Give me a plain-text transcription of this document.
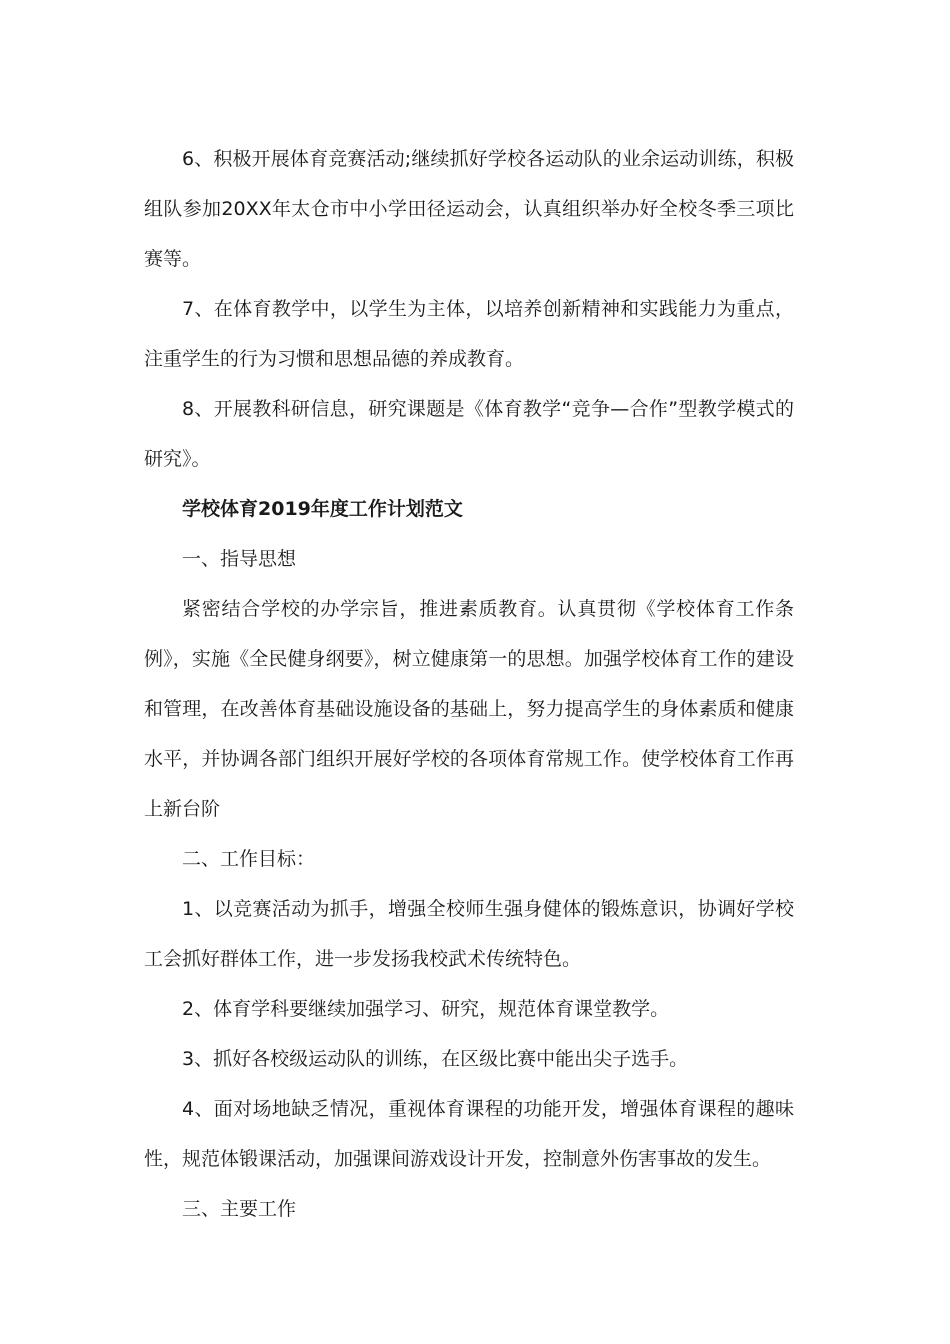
6、积极开展体育竞赛活动;继续抓好学校各运动队的业余运动训练，积极组队参加20XX年太仓市中小学田径运动会，认真组织举办好全校冬季三项比赛等。

7、在体育教学中，以学生为主体，以培养创新精神和实践能力为重点，注重学生的行为习惯和思想品德的养成教育。

8、开展教科研信息，研究课题是《体育教学“竞争—合作”型教学模式的研究》。

学校体育2019年度工作计划范文

一、指导思想

紧密结合学校的办学宗旨，推进素质教育。认真贯彻《学校体育工作条例》，实施《全民健身纲要》，树立健康第一的思想。加强学校体育工作的建设和管理，在改善体育基础设施设备的基础上，努力提高学生的身体素质和健康水平，并协调各部门组织开展好学校的各项体育常规工作。使学校体育工作再上新台阶

二、工作目标：

1、以竞赛活动为抓手，增强全校师生强身健体的锻炼意识，协调好学校工会抓好群体工作，进一步发扬我校武术传统特色。

2、体育学科要继续加强学习、研究，规范体育课堂教学。

3、抓好各校级运动队的训练，在区级比赛中能出尖子选手。

4、面对场地缺乏情况，重视体育课程的功能开发，增强体育课程的趣味性，规范体锻课活动，加强课间游戏设计开发，控制意外伤害事故的发生。

三、主要工作
